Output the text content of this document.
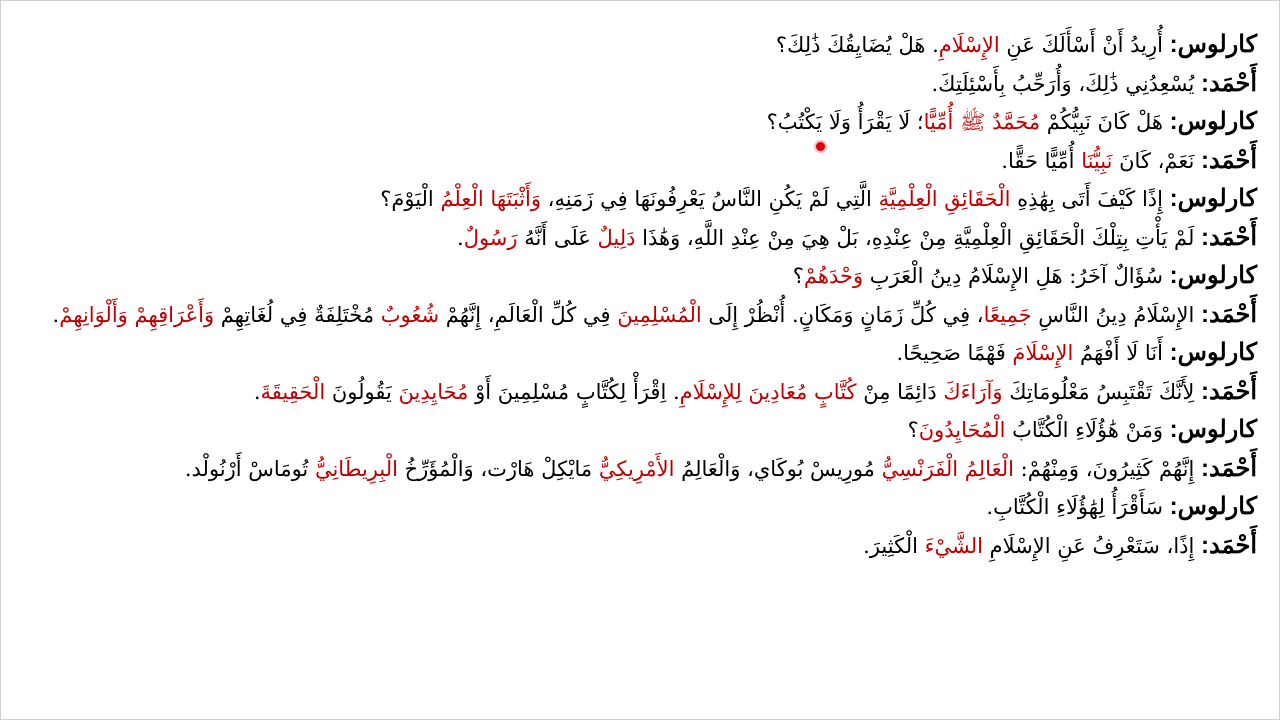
كارلوس: أُرِيدُ أَنْ أَسْأَلَكَ عَنِ الإِسْلَامِ. هَلْ يُضَايِقُكَ ذَٰلِكَ؟

أَحْمَد: يُسْعِدُنِي ذَٰلِكَ، وَأُرَحِّبُ بِأَسْئِلَتِكَ.

كارلوس: هَلْ كَانَ نَبِيُّكُمْ مُحَمَّدٌ ﷺ أُمِّيًّا؛ لَا يَقْرَأُ وَلَا يَكْتُبُ؟

أَحْمَد: نَعَمْ، كَانَ نَبِيُّنَا أُمِّيًّا حَقًّا.

كارلوس: إِذًا كَيْفَ أَتَى بِهَٰذِهِ الْحَقَائِقِ الْعِلْمِيَّةِ الَّتِي لَمْ يَكُنِ النَّاسُ يَعْرِفُونَهَا فِي زَمَنِهِ، وَأَثْبَتَهَا الْعِلْمُ الْيَوْمَ؟

أَحْمَد: لَمْ يَأْتِ بِتِلْكَ الْحَقَائِقِ الْعِلْمِيَّةِ مِنْ عِنْدِهِ، بَلْ هِيَ مِنْ عِنْدِ اللَّهِ، وَهَٰذَا دَلِيلٌ عَلَى أَنَّهُ رَسُولٌ.

كارلوس: سُؤَالٌ آخَرُ: هَلِ الإِسْلَامُ دِينُ الْعَرَبِ وَحْدَهُمْ؟

أَحْمَد: الإِسْلَامُ دِينُ النَّاسِ جَمِيعًا، فِي كُلِّ زَمَانٍ وَمَكَانٍ. أُنْظُرْ إِلَى الْمُسْلِمِينَ فِي كُلِّ الْعَالَمِ، إِنَّهُمْ شُعُوبٌ مُخْتَلِفَةٌ فِي لُغَاتِهِمْ وَأَعْرَاقِهِمْ وَأَلْوَانِهِمْ.

كارلوس: أَنَا لَا أَفْهَمُ الإِسْلَامَ فَهْمًا صَحِيحًا.

أَحْمَد: لِأَنَّكَ تَقْتَبِسُ مَعْلُومَاتِكَ وَآرَاءَكَ دَائِمًا مِنْ كُتَّابٍ مُعَادِينَ لِلإِسْلَامِ. اِقْرَأْ لِكُتَّابٍ مُسْلِمِينَ أَوْ مُحَايِدِينَ يَقُولُونَ الْحَقِيقَةَ.

كارلوس: وَمَنْ هَٰؤُلَاءِ الْكُتَّابُ الْمُحَايِدُونَ؟

أَحْمَد: إِنَّهُمْ كَثِيرُونَ، وَمِنْهُمْ: الْعَالِمُ الْفَرَنْسِيُّ مُورِيسْ بُوكَاي، وَالْعَالِمُ الأَمْرِيكِيُّ مَايْكِلْ هَارْت، وَالْمُؤَرِّخُ الْبِرِيطَانِيُّ تُومَاسْ أَرْنُولْد.

كارلوس: سَأَقْرَأُ لِهَٰؤُلَاءِ الْكُتَّابِ.

أَحْمَد: إِذًا، سَتَعْرِفُ عَنِ الإِسْلَامِ الشَّيْءَ الْكَثِيرَ.
